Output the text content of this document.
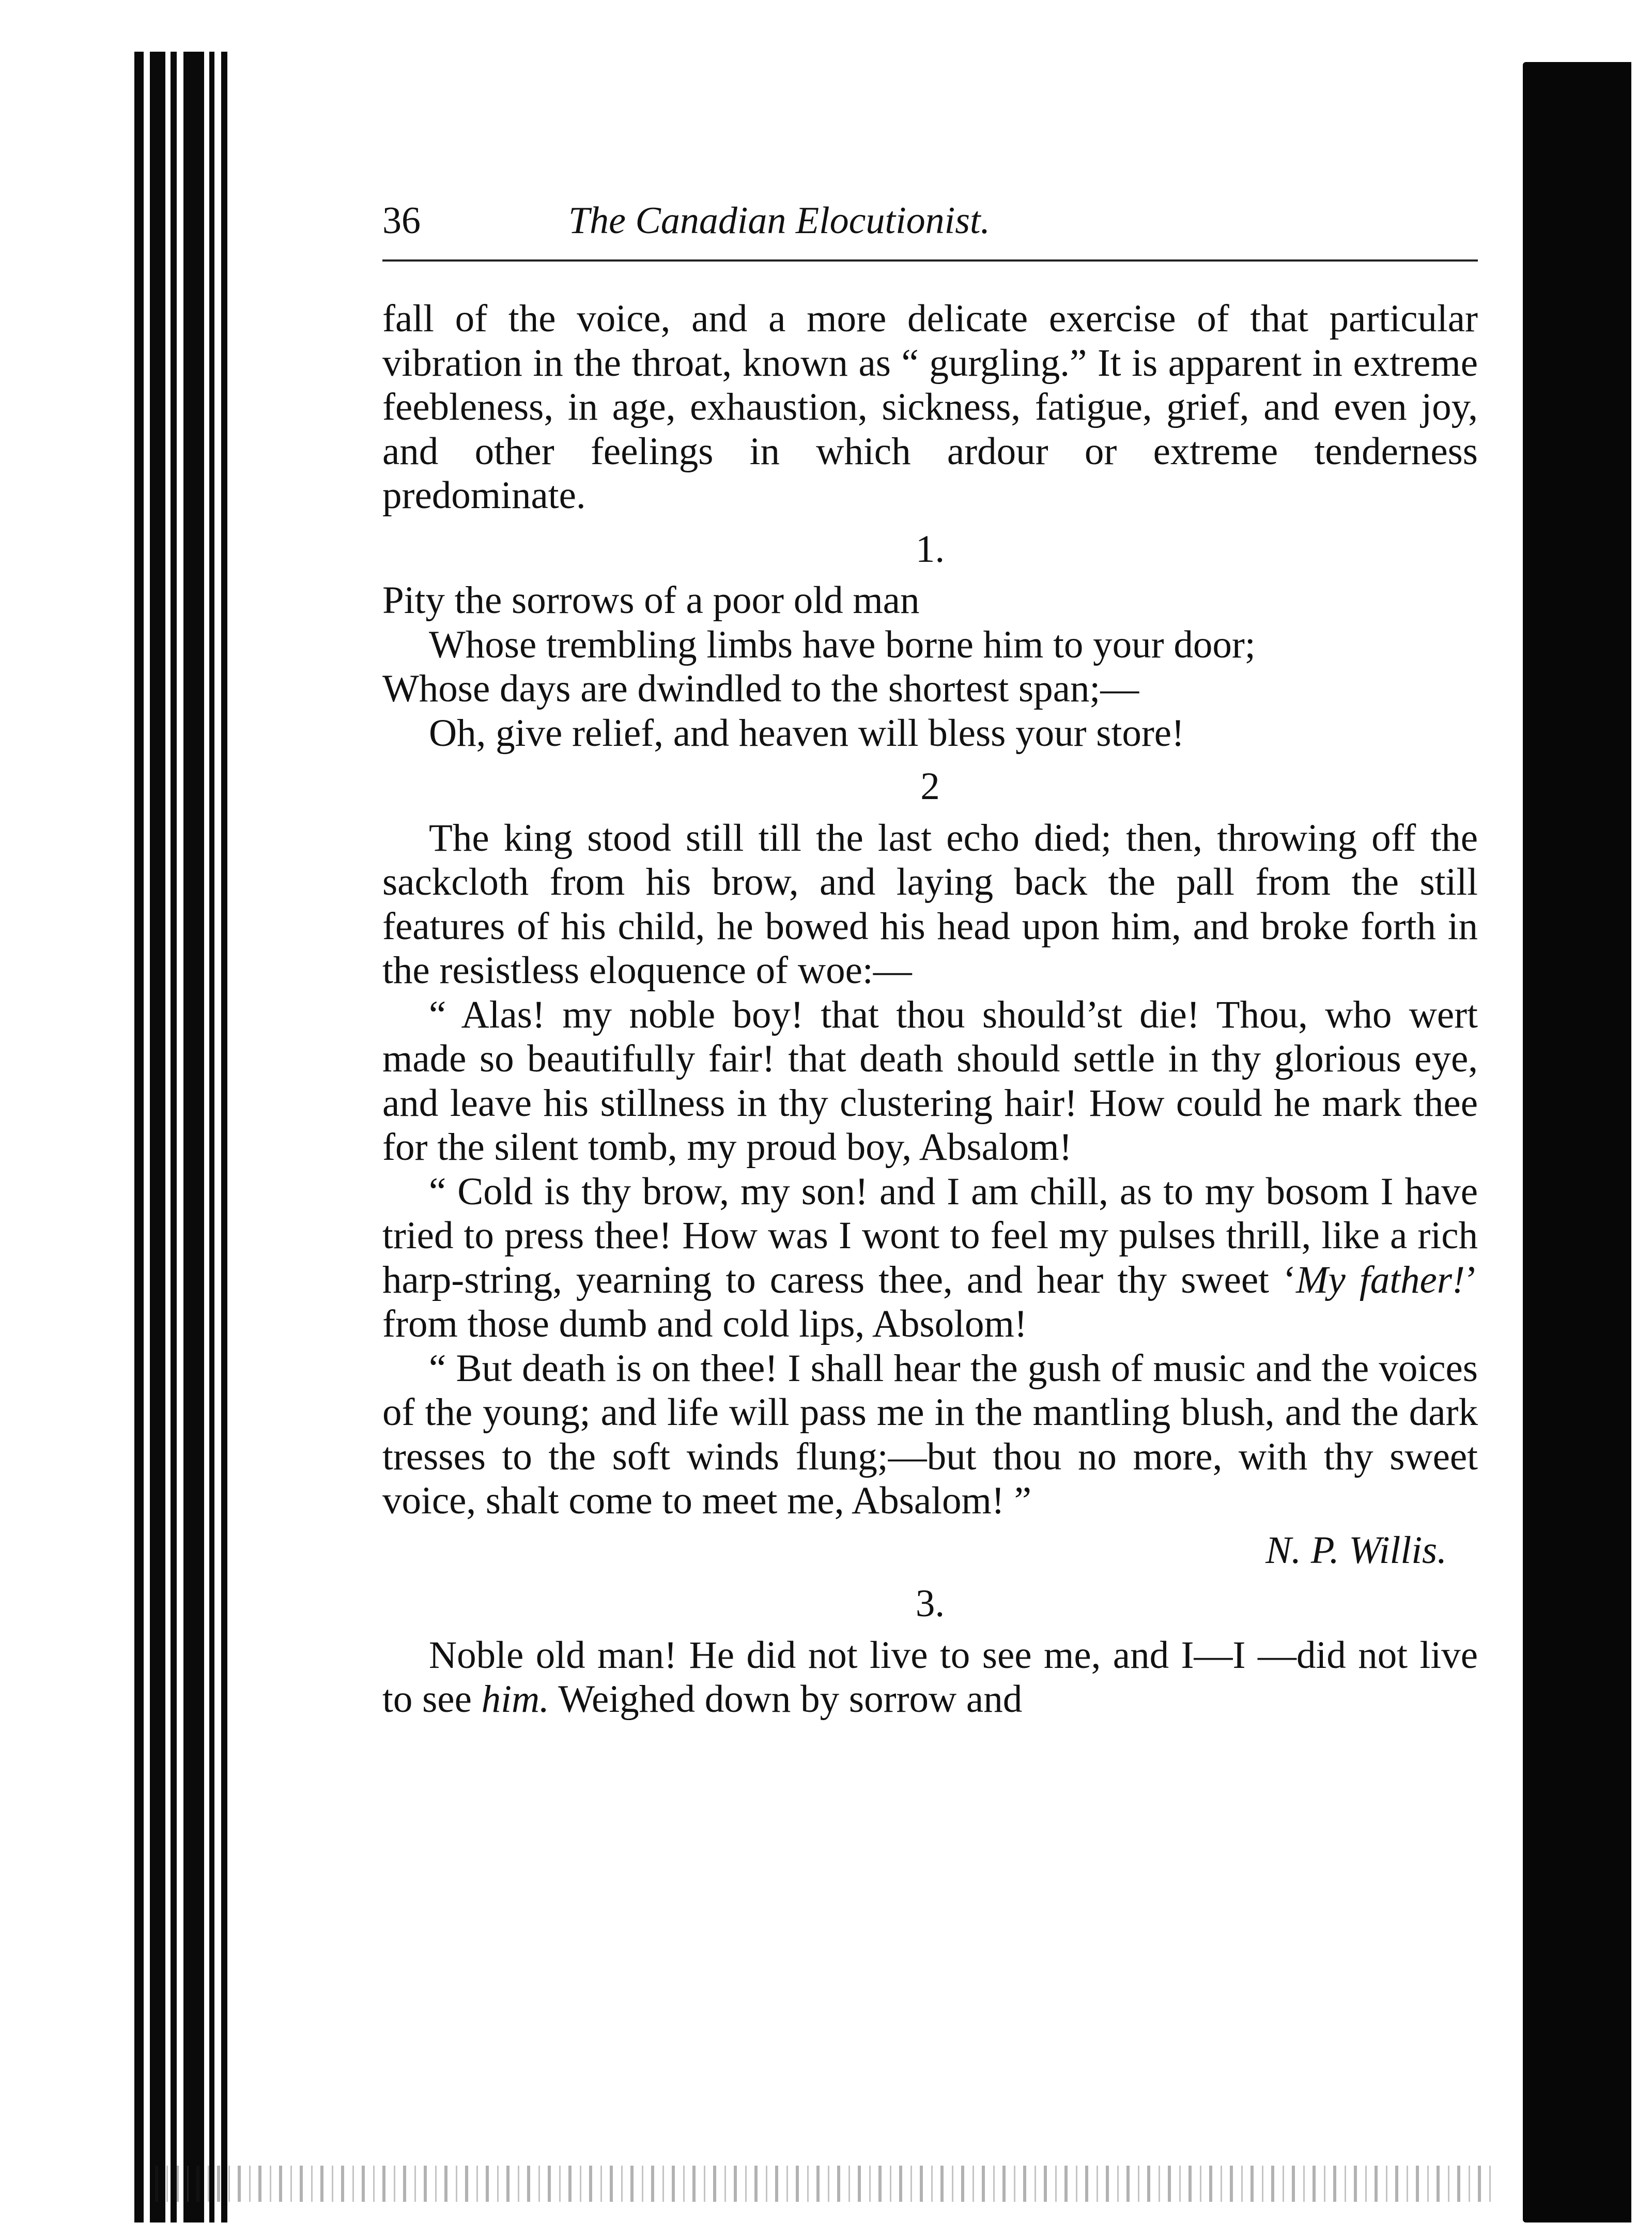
36	The Canadian Elocutionist.

fall of the voice, and a more delicate exercise of that particular vibration in the throat, known as “ gurgling.” It is apparent in extreme feebleness, in age, exhaustion, sickness, fatigue, grief, and even joy, and other feelings in which ardour or extreme tenderness predominate.

1.
Pity the sorrows of a poor old man
Whose trembling limbs have borne him to your door;
Whose days are dwindled to the shortest span;—
Oh, give relief, and heaven will bless your store!
2

The king stood still till the last echo died; then, throwing off the sackcloth from his brow, and laying back the pall from the still features of his child, he bowed his head upon him, and broke forth in the resistless eloquence of woe:—

“ Alas! my noble boy! that thou should’st die! Thou, who wert made so beautifully fair! that death should settle in thy glorious eye, and leave his stillness in thy clustering hair! How could he mark thee for the silent tomb, my proud boy, Absalom!

“ Cold is thy brow, my son! and I am chill, as to my bosom I have tried to press thee! How was I wont to feel my pulses thrill, like a rich harp-string, yearning to caress thee, and hear thy sweet ‘My father!’ from those dumb and cold lips, Absolom!

“ But death is on thee! I shall hear the gush of music and the voices of the young; and life will pass me in the mantling blush, and the dark tresses to the soft winds flung;—but thou no more, with thy sweet voice, shalt come to meet me, Absalom! ”

N. P. Willis.
3.

Noble old man! He did not live to see me, and I—I —did not live to see him. Weighed down by sorrow and
